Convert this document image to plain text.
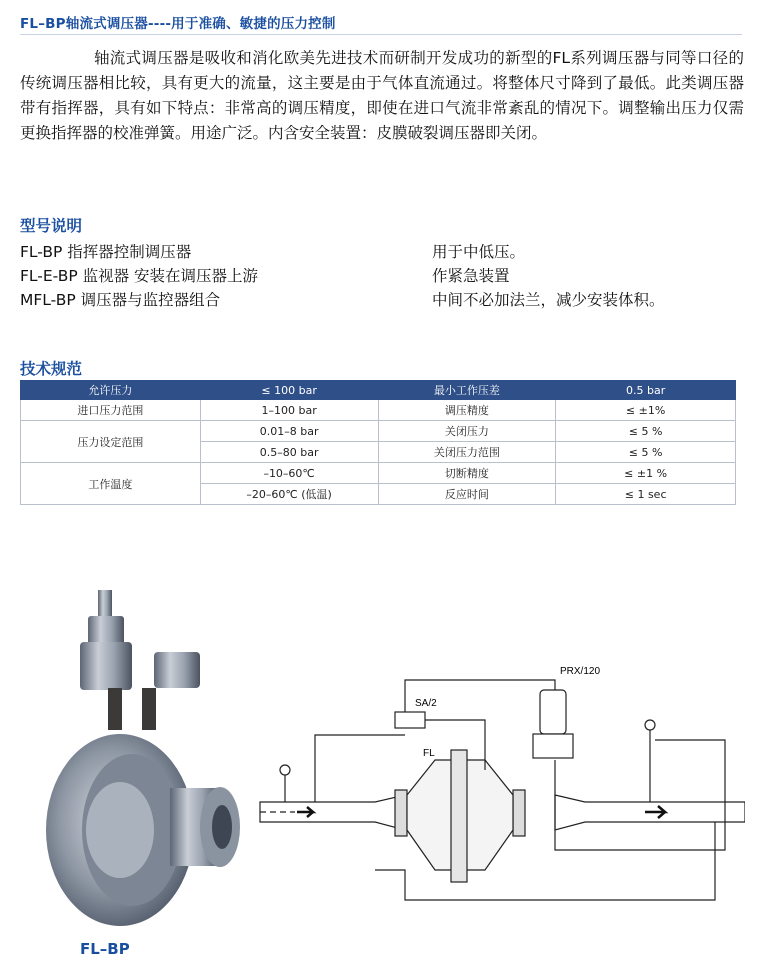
FL–BP轴流式调压器----用于准确、敏捷的压力控制
轴流式调压器是吸收和消化欧美先进技术而研制开发成功的新型的FL系列调压器与同等口径的传统调压器相比较，具有更大的流量，这主要是由于气体直流通过。将整体尺寸降到了最低。此类调压器带有指挥器，具有如下特点：非常高的调压精度，即使在进口气流非常紊乱的情况下。调整输出压力仅需更换指挥器的校准弹簧。用途广泛。内含安全装置：皮膜破裂调压器即关闭。
型号说明
FL-BP 指挥器控制调压器	用于中低压。
FL-E-BP 监视器 安装在调压器上游	作紧急装置
MFL-BP 调压器与监控器组合	中间不必加法兰，减少安装体积。
技术规范
允许压力	≤ 100 bar	最小工作压差	0.5 bar
进口压力范围	1–100 bar	调压精度	≤ ±1%
压力设定范围	0.01–8 bar	关闭压力	≤ 5 %
	0.5–80 bar	关闭压力范围	≤ 5 %
工作温度	–10–60℃	切断精度	≤ ±1 %
	–20–60℃ (低温)	反应时间	≤ 1 sec
FL–BP
SA/2
PRX/120
FL
